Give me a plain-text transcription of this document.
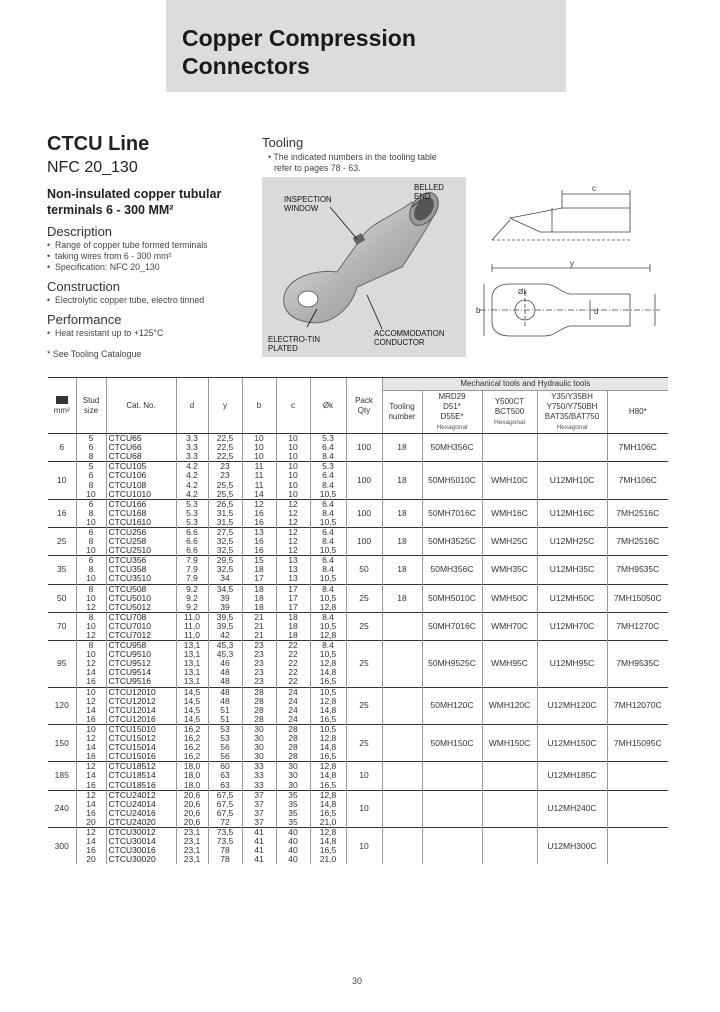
Copper Compression
Connectors
CTCU Line
NFC 20_130
Non-insulated copper tubular
terminals 6 - 300 MM²
Description
• Range of copper tube formed terminals
• taking wires from 6 - 300 mm²
• Specification: NFC 20_130
Construction
• Electrolytic copper tube, electro tinned
Performance
• Heat resistant up to +125°C
* See Tooling Catalogue
Tooling

• The indicated numbers in the tooling table

refer to pages 78 - 63.

INSPECTION
WINDOW
BELLED
END
ELECTRO-TIN
PLATED
ACCOMMODATION
CONDUCTOR
c
y
b	d
Øk

mm²	Stud
size	Cat. No.	d	y	b	c	Øk	Pack
Qty	Mechanical tools and Hydraulic tools				
									Tooling
number	MRD29
D51*
D55E*
Hexagonal	Y500CT
BCT500
Hexagonal	Y35/Y35BH
Y750/Y750BH
BAT35/BAT750
Hexagonal	H80*
6	5	CTCU65	3.3	22,5	10	10	5.3	100	18	50MH356C			7MH106C
	6	CTCU66	3.3	22,5	10	10	6.4						
	8	CTCU68	3.3	22,5	10	10	8.4						
10	5	CTCU105	4.2	23	11	10	5.3	100	18	50MH5010C	WMH10C	U12MH10C	7MH106C
	6	CTCU106	4.2	23	11	10	6.4						
	8	CTCU108	4.2	25,5	11	10	8.4						
	10	CTCU1010	4.2	25,5	14	10	10,5						
16	6	CTCU166	5.3	26,5	12	12	6.4	100	18	50MH7016C	WMH16C	U12MH16C	7MH2516C
	8	CTCU168	5.3	31,5	16	12	8.4						
	10	CTCU1610	5.3	31,5	16	12	10,5						
25	6	CTCU256	6.6	27,5	13	12	6.4	100	18	50MH3525C	WMH25C	U12MH25C	7MH2516C
	8	CTCU258	6.6	32,5	16	12	8.4						
	10	CTCU2510	6.6	32,5	16	12	10,5						
35	6	CTCU356	7.9	29,5	15	13	6.4	50	18	50MH356C	WMH35C	U12MH35C	7MH9535C
	8	CTCU358	7.9	32,5	18	13	8.4						
	10	CTCU3510	7.9	34	17	13	10,5						
50	8	CTCU508	9.2	34,5	18	17	8.4	25	18	50MH5010C	WMH50C	U12MH50C	7MH15050C
	10	CTCU5010	9.2	39	18	17	10,5						
	12	CTCU5012	9.2	39	18	17	12,8						
70	8	CTCU708	11,0	39,5	21	18	8.4	25		50MH7016C	WMH70C	U12MH70C	7MH1270C
	10	CTCU7010	11,0	39,5	21	18	10,5						
	12	CTCU7012	11,0	42	21	18	12,8						
95	8	CTCU958	13,1	45,3	23	22	8.4	25		50MH9525C	WMH95C	U12MH95C	7MH9535C
	10	CTCU9510	13,1	45,3	23	22	10,5						
	12	CTCU9512	13,1	46	23	22	12,8						
	14	CTCU9514	13,1	48	23	22	14,8						
	16	CTCU9516	13,1	48	23	22	16,5						
120	10	CTCU12010	14,5	48	28	24	10,5	25		50MH120C	WMH120C	U12MH120C	7MH12070C
	12	CTCU12012	14,5	48	28	24	12,8						
	14	CTCU12014	14,5	51	28	24	14,8						
	16	CTCU12016	14,5	51	28	24	16,5						
150	10	CTCU15010	16,2	53	30	28	10,5	25		50MH150C	WMH150C	U12MH150C	7MH15095C
	12	CTCU15012	16,2	53	30	28	12,8						
	14	CTCU15014	16,2	56	30	28	14,8						
	16	CTCU15016	16,2	56	30	28	16,5						
185	12	CTCU18512	18,0	60	33	30	12,8	10				U12MH185C	
	14	CTCU18514	18,0	63	33	30	14,8						
	16	CTCU18516	18,0	63	33	30	16,5						
240	12	CTCU24012	20,6	67,5	37	35	12,8	10				U12MH240C	
	14	CTCU24014	20,6	67,5	37	35	14,8						
	16	CTCU24016	20,6	67,5	37	35	16,5						
	20	CTCU24020	20,6	72	37	35	21,0						
300	12	CTCU30012	23,1	73,5	41	40	12,8	10				U12MH300C	
	14	CTCU30014	23,1	73,5	41	40	14,8						
	16	CTCU30016	23,1	78	41	40	16,5						
	20	CTCU30020	23,1	78	41	40	21,0						
30
